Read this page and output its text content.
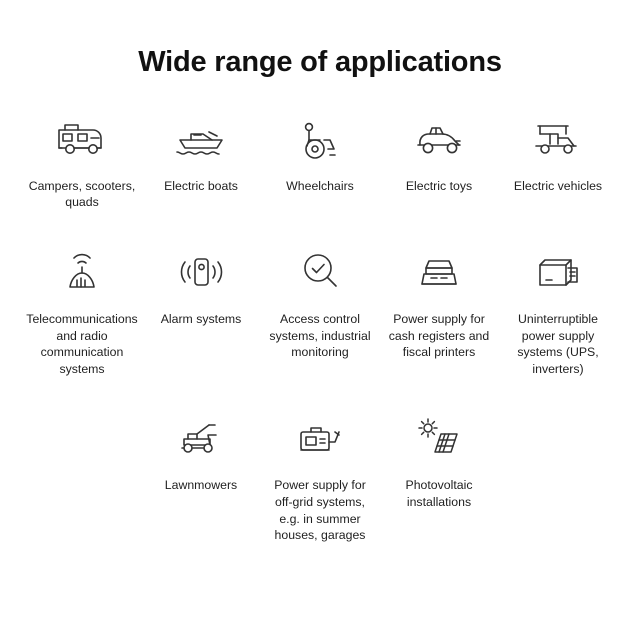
Wide range of applications
Campers, scooters, quads
Electric boats	Wheelchairs	Electric toys	Electric vehicles
Telecommunications and radio communication systems
Alarm systems	Access control systems, industrial monitoring
Power supply for cash registers and fiscal printers
Uninterruptible power supply systems (UPS, inverters)
Lawnmowers	Power supply for off-grid systems, e.g. in summer houses, garages
Photovoltaic installations
